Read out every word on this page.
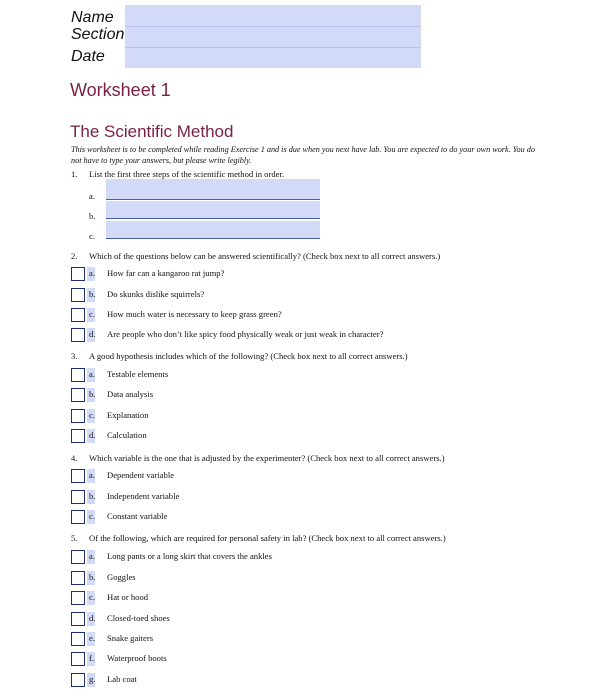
Name
Section
Date
Worksheet 1
The Scientific Method
This worksheet is to be completed while reading Exercise 1 and is due when you next have lab. You are expected to do your own work. You do not have to type your answers, but please write legibly.
1. List the first three steps of the scientific method in order.
a.
b.
c.
2. Which of the questions below can be answered scientifically? (Check box next to all correct answers.)
a. How far can a kangaroo rat jump?
b. Do skunks dislike squirrels?
c. How much water is necessary to keep grass green?
d. Are people who don’t like spicy food physically weak or just weak in character?
3. A good hypothesis includes which of the following? (Check box next to all correct answers.)
a. Testable elements
b. Data analysis
c. Explanation
d. Calculation
4. Which variable is the one that is adjusted by the experimenter? (Check box next to all correct answers.)
a. Dependent variable
b. Independent variable
c. Constant variable
5. Of the following, which are required for personal safety in lab? (Check box next to all correct answers.)
a. Long pants or a long skirt that covers the ankles
b. Goggles
c. Hat or hood
d. Closed-toed shoes
e. Snake gaiters
f. Waterproof boots
g. Lab coat
